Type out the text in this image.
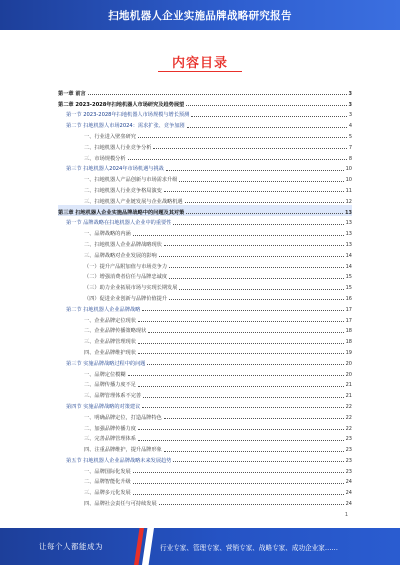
扫地机器人企业实施品牌战略研究报告
内容目录
第一章 前言	3
第二章 2023-2028年扫地机器人市场研究及趋势展望	3
第一节 2023-2028年扫地机器人市场规模与增长预测	3
第二节 扫地机器人市场2024：需求扩张、竞争加剧	4
一、行业进入壁垒研究	5
二、扫地机器人行业竞争分析	7
三、市场规模分析	8
第三节 扫地机器人2024年市场机遇与挑战	10
一、扫地机器人产品创新与市场需求升级	10
二、扫地机器人行业竞争格局演变	11
三、扫地机器人产业链发展与企业战略机遇	12
第三章 扫地机器人企业实施品牌战略中的问题及其对策	13
第一节 品牌战略在扫地机器人企业中的重要性	13
一、品牌战略的内涵	13
二、扫地机器人企业品牌战略现状	13
三、品牌战略对企业发展的影响	14
（一）提升产品附加值与市场竞争力	14
（二）增强消费者信任与品牌忠诚度	15
（三）助力企业拓展市场与实现长期发展	15
（四）促进企业创新与品牌价值提升	16
第二节 扫地机器人企业品牌战略	17
一、企业品牌定位现状	17
二、企业品牌传播策略现状	18
三、企业品牌管理现状	18
四、企业品牌维护现状	19
第三节 实施品牌战略过程中的问题	20
一、品牌定位模糊	20
二、品牌传播力度不足	21
三、品牌管理体系不完善	21
第四节 实施品牌战略的对策建议	22
一、明确品牌定位，打造品牌特色	22
二、加强品牌传播力度	22
三、完善品牌管理体系	23
四、注重品牌维护，提升品牌形象	23
第五节 扫地机器人企业品牌战略未来发展趋势	23
一、品牌国际化发展	23
二、品牌智能化升级	24
三、品牌多元化发展	24
四、品牌社会责任与可持续发展	24
1
让每个人都能成为	行业专家、管理专家、营销专家、战略专家、成功企业家……
